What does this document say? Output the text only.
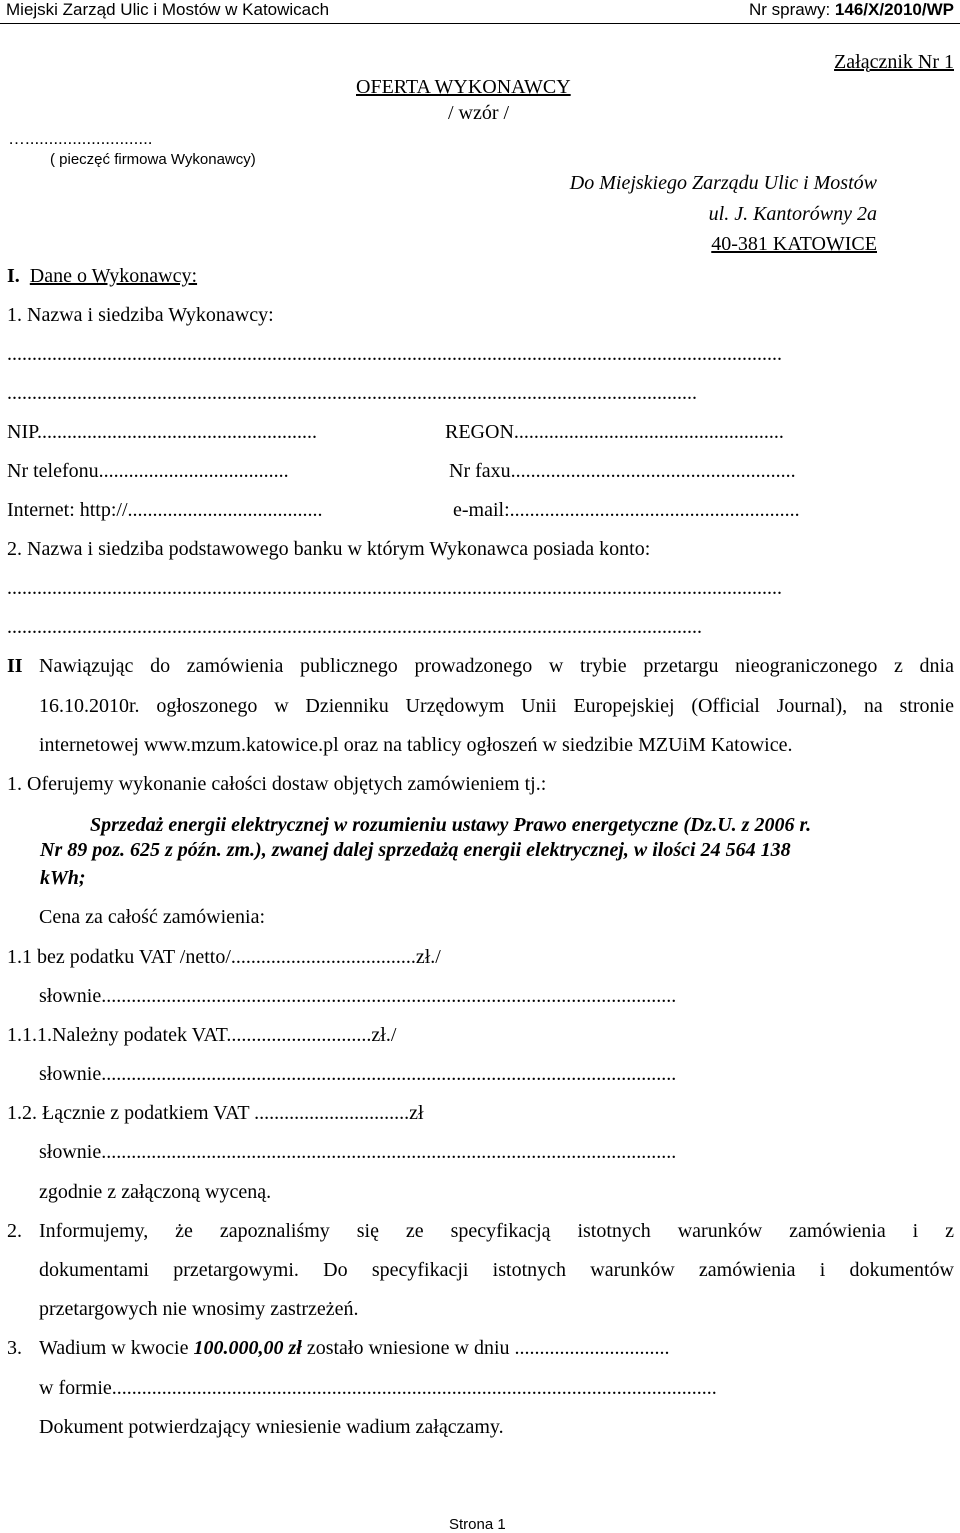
Miejski Zarząd Ulic i Mostów w Katowicach	Nr sprawy: 146/X/2010/WP
Załącznik Nr 1
OFERTA WYKONAWCY
/ wzór /
…...........................
( pieczęć firmowa Wykonawcy)
Do Miejskiego Zarządu Ulic i Mostów
ul. J. Kantorówny 2a
40-381 KATOWICE
I. Dane o Wykonawcy:
1. Nazwa i siedziba Wykonawcy:
...........................................................................................................................................................
..........................................................................................................................................
NIP........................................................	REGON......................................................
Nr telefonu......................................	Nr faxu.........................................................
Internet: http://.......................................	e-mail:..........................................................
2. Nazwa i siedziba podstawowego banku w którym Wykonawca posiada konto:
...........................................................................................................................................................
...........................................................................................................................................
II Nawiązując do zamówienia publicznego prowadzonego w trybie przetargu nieograniczonego z dnia
16.10.2010r. ogłoszonego w Dzienniku Urzędowym Unii Europejskiej (Official Journal), na stronie
internetowej www.mzum.katowice.pl oraz na tablicy ogłoszeń w siedzibie MZUiM Katowice.
1. Oferujemy wykonanie całości dostaw objętych zamówieniem tj.:
Sprzedaż energii elektrycznej w rozumieniu ustawy Prawo energetyczne (Dz.U. z 2006 r.
Nr 89 poz. 625 z późn. zm.), zwanej dalej sprzedażą energii elektrycznej, w ilości 24 564 138
kWh;
Cena za całość zamówienia:
1.1 bez podatku VAT /netto/.....................................zł./
słownie...................................................................................................................
1.1.1.Należny podatek VAT.............................zł./
słownie...................................................................................................................
1.2. Łącznie z podatkiem VAT ...............................zł
słownie...................................................................................................................
zgodnie z załączoną wyceną.
2. Informujemy, że zapoznaliśmy się ze specyfikacją istotnych warunków zamówienia i z
dokumentami przetargowymi. Do specyfikacji istotnych warunków zamówienia i dokumentów
przetargowych nie wnosimy zastrzeżeń.
3. Wadium w kwocie 100.000,00 zł zostało wniesione w dniu ...............................
w formie.........................................................................................................................
Dokument potwierdzający wniesienie wadium załączamy.
Strona 1
